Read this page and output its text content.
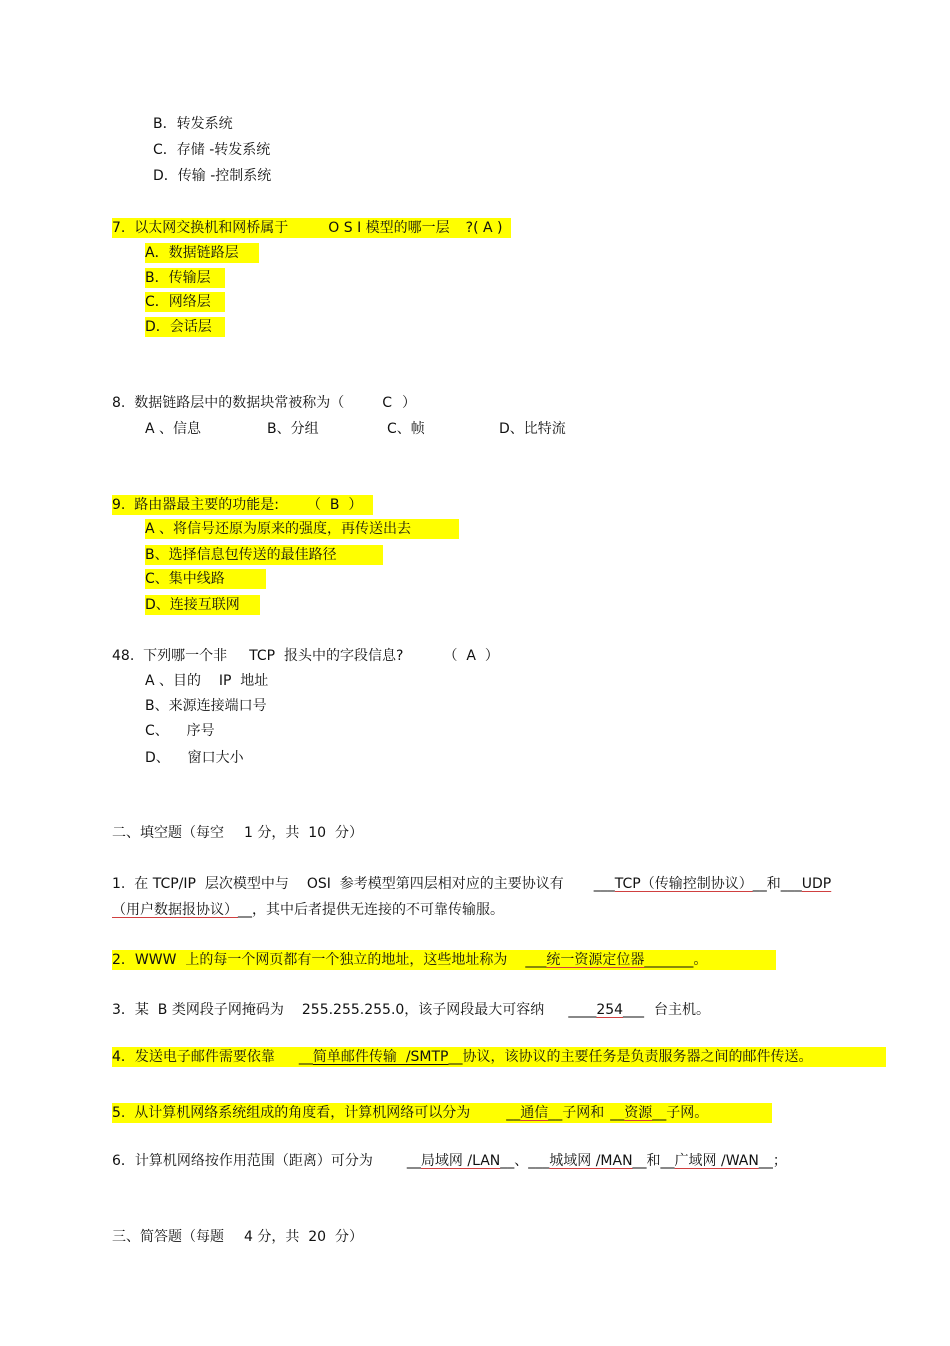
B．转发系统
C．存储 -转发系统
D．传输 -控制系统
7.  以太网交换机和网桥属于	O S I 模型的哪一层 ?( A )
A．数据链路层
B．传输层
C．网络层
D．会话层
8.  数据链路层中的数据块常被称为（	C ）
A 、信息	B、分组	C、帧	D、比特流
9.  路由器最主要的功能是: （  B  ）
A 、将信号还原为原来的强度，再传送出去
B、选择信息包传送的最佳路径
C、集中线路
D、连接互联网
48.  下列哪一个非 TCP  报头中的字段信息?	（  A  ）
A 、目的    IP  地址
B、来源连接端口号
C、    序号
D、    窗口大小
二、填空题（每空 1 分，共  10  分）
1.  在 TCP/IP  层次模型中与 OSI  参考模型第四层相对应的主要协议有 ___TCP（传输控制协议）__和___UDP
（用户数据报协议）__，其中后者提供无连接的不可靠传输服。
2．WWW  上的每一个网页都有一个独立的地址，这些地址称为 ___统一资源定位器_______。
3．某  B 类网段子网掩码为 255.255.255.0，该子网段最大可容纳 ____254___ 台主机。
4．发送电子邮件需要依靠 __简单邮件传输  /SMTP__协议，该协议的主要任务是负责服务器之间的邮件传送。
5.  从计算机网络系统组成的角度看，计算机网络可以分为	__通信__子网和 __资源__子网。
6．计算机网络按作用范围（距离）可分为 __局域网 /LAN__、___城域网 /MAN__和__广域网 /WAN__；
三、简答题（每题 4 分，共  20  分）
